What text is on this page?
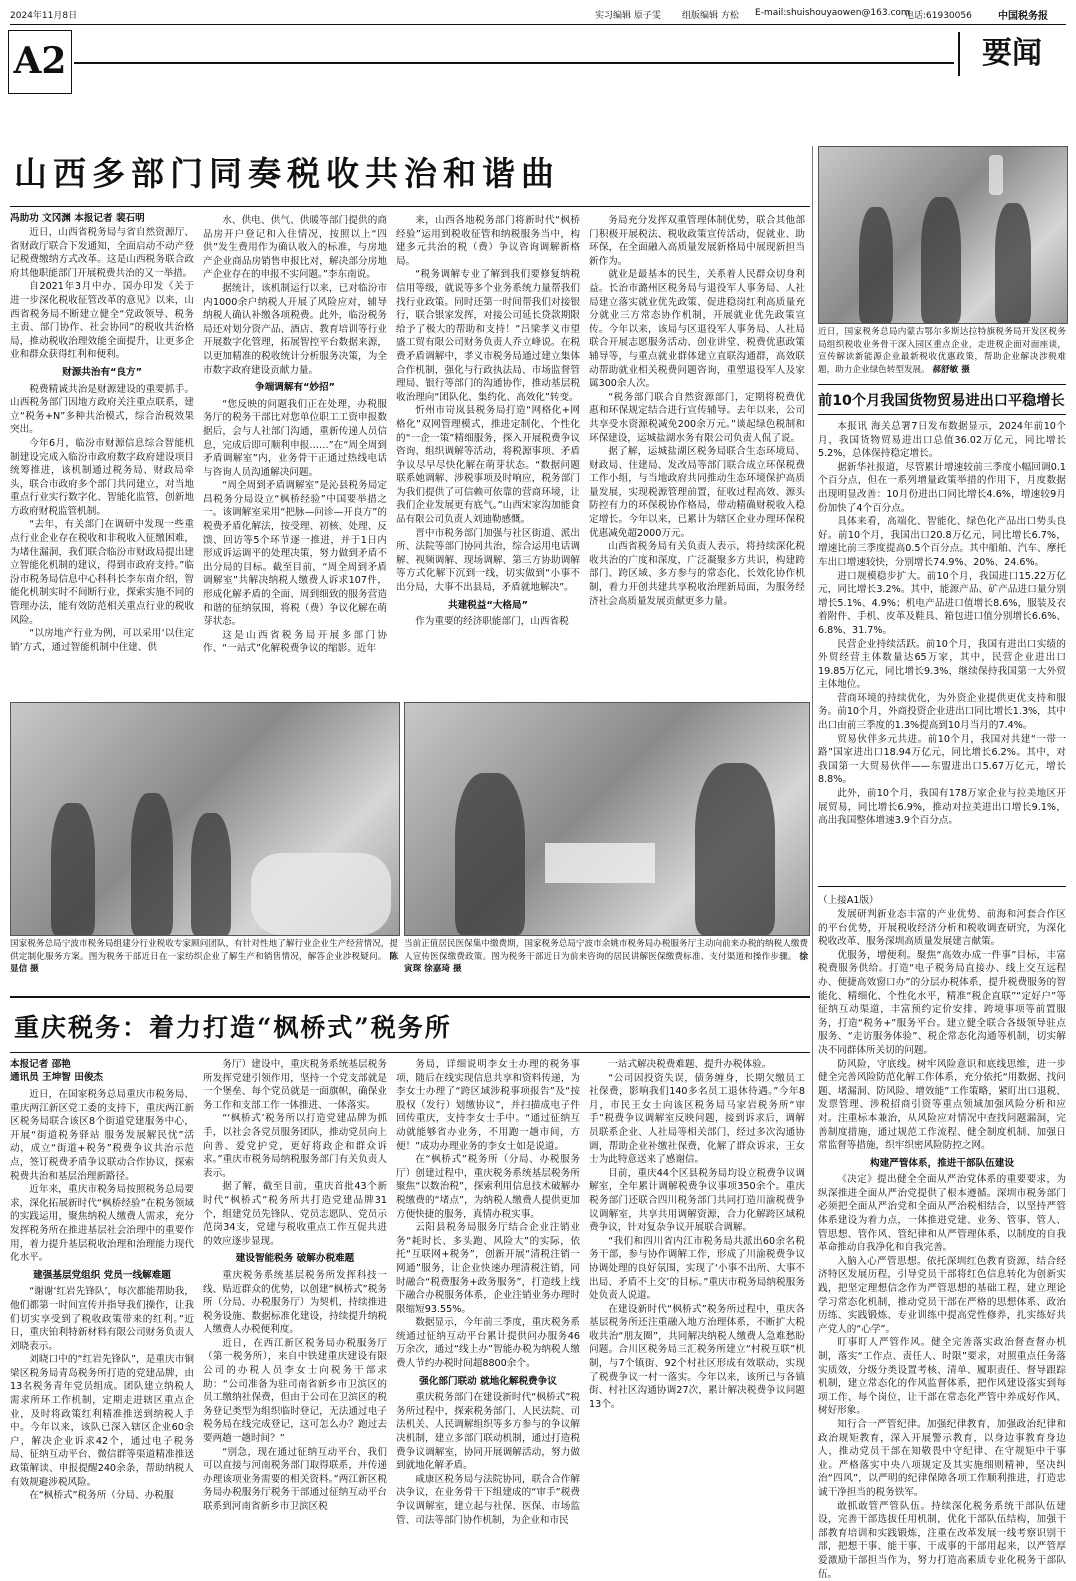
2024年11月8日	实习编辑 原子雯 组版编辑 方松 E-mail:shuishouyaowen@163.com
电话:61930056	中国税务报
A2	要闻
山西多部门同奏税收共治和谐曲
冯助功 文冈渊 本报记者 裴石明

近日，山西省税务局与省自然资源厅、省财政厅联合下发通知，全面启动不动产登记税费缴纳方式改革。这是山西税务联合政府其他职能部门开展税费共治的又一举措。

自2021年3月中办、国办印发《关于进一步深化税收征管改革的意见》以来，山西省税务局不断建立健全“党政领导、税务主责、部门协作、社会协同”的税收共治格局，推动税收治理效能全面提升，让更多企业和群众获得红利和便利。

财源共治有“良方”

税费精诚共治是财源建设的重要抓手。山西税务部门因地方政府关注重点联系，建立“税务+N”多种共治模式，综合治税效果突出。

今年6月，临汾市财源信息综合智能机制建设完成入临汾市政府数字政府建设项目统筹推进，该机制通过税务局、财政局牵头，联合市政府多个部门共同建立，对当地重点行业实行数字化、智能化监管，创新地方政府财税监管机制。

“去年，有关部门在调研中发现一些重点行业企业存在税收和非税收入征缴困难，为堵住漏洞，我们联合临汾市财政局提出建立智能化机制的建议，得到市政府支持。”临汾市税务局信息中心科科长李东南介绍，智能化机制实时不间断行业，探索实施不同的管理办法，能有效防范相关重点行业的税收风险。

“以房地产行业为例，可以采用‘以住定销’方式，通过智能机制中住建、供

水、供电、供气、供暖等部门提供的商品房开户登记和入住情况，按照以上“四供”发生费用作为确认收入的标准，与房地产企业商品房销售申报比对，解决部分房地产企业存在的申报不实问题。”李东南说。

据统计，该机制运行以来，已对临汾市内1000余户纳税人开展了风险应对，辅导纳税人确认补缴各项税费。此外，临汾税务局还对划分资产品、酒店、教育培训等行业开展数字化管理，拓展智控平台数据来源，以更加精准的税收统计分析服务决策，为全市数字政府建设贡献力量。

争端调解有“妙招”

“您反映的问题我们正在处理，办税服务厅的税务干部比对您单位职工工资申报数据后，会与人社部门沟通，重新传递人员信息，完成后即可顺利申报……”在“周全周到矛盾调解室”内，业务骨干正通过热线电话与咨询人员沟通解决问题。

“周全周到矛盾调解室”是沁县税务局定昌税务分局设立“枫桥经验”中国要举措之一。该调解室采用“把脉—问诊—开良方”的税费矛盾化解法，按受理、初核、处理、反馈、回访等5个环节逐一推进，并于1日内形成诉运调平的处理决策，努力做到矛盾不出分局的目标。截至目前，“周全周到矛盾调解室”共解决纳税人缴费人诉求107件，形成化解矛盾的全面、周到细致的服务营造和谐的征纳氛围，将税（费）争议化解在萌芽状态。

这是山西省税务局开展多部门协作、“一站式”化解税费争议的缩影。近年

来，山西各地税务部门将新时代“枫桥经验”运用到税收征管和纳税服务当中，构建多元共治的税（费）争议咨询调解新格局。

“税务调解专业了解到我们要修复纳税信用等级，就说等多个业务系统力量帮我们找行业政策。同时还第一时间帮我们对接银行，联合银家发挥，对接公司延长贷款期限给予了极大的帮助和支持！”吕梁孝义市望盛工贸有限公司财务负责人乔立峰说。在税费矛盾调解中，孝义市税务局通过建立集体合作机制，强化与行政执法局、市场监督管理局、银行等部门的沟通协作，推动基层税收治理向“团队化、集约化、高效化”转变。

忻州市岢岚县税务局打造“网格化+网格化”双网管理模式，推进定制化、个性化的“一企一策”精细服务，探入开展税费争议咨询、组织调解等活动，将税源事项、矛盾争议尽早尽快化解在萌芽状态。“数据问题联系她调解、涉税事项及时响应，税务部门为我们提供了可信赖可依靠的营商环境，让我们企业发展更有底气。”山西宋家沟加能食品有限公司负责人刘迪勒感慨。

晋中市税务部门加强与社区街道、派出所、法院等部门协同共治，综合运用电话调解、视频调解、现场调解、第三方协助调解等方式化解下沉到一线，切实做到“小事不出分局，大事不出县局，矛盾就地解决”。

共建税益“大格局”

作为重要的经济职能部门，山西省税

务局充分发挥双重管理体制优势，联合其他部门积极开展税法、税收政策宣传活动，促就业、助环保，在全面融入高质量发展新格局中展现新担当新作为。

就业是最基本的民生，关系着人民群众切身利益。长治市潞州区税务局与退役军人事务局、人社局建立落实就业优先政策、促进稳岗红利高质量充分就业三方常态协作机制，开展就业优先政策宣传。今年以来，该局与区退役军人事务局、人社局联合开展志愿服务活动、创业讲堂、税费优惠政策辅导等，与重点就业群体建立直联沟通群，高效联动帮助就业相关税费问题咨询，重塑退役军人及家属300余人次。

“税务部门联合自然资源部门，定期将税费优惠和环保规定结合进行宣传辅导。去年以来，公司共享受水资源税减免200余万元。”谈起绿色税制和环保建设，运城盐湖水务有限公司负责人侃了说。

据了解，运城盐湖区税务局联合生态环境局、财政局、住建局、发改局等部门联合成立环保税费工作小组，与当地政府共同推动生态环境保护高质量发展，实现税源管理前置，征收过程高效、源头防控有力的环保税协作格局，带动精确财税收入稳定增长。今年以来，已累计为辖区企业办理环保税优惠减免超2000万元。

山西省税务局有关负责人表示，将持续深化税收共治的广度和深度，广泛凝聚多方共识，构建跨部门、跨区域、多方参与的常态化、长效化协作机制，着力开创共建共享税收治理新局面，为服务经济社会高质量发展贡献更多力量。

近日，国家税务总局内蒙古鄂尔多斯达拉特旗税务局开发区税务局组织税收业务骨干深入园区重点企业，走进税企面对面座谈，宣传解读新能源企业最新税收优惠政策，帮助企业解决涉税难题，助力企业绿色转型发展。 郝舒敏 摄
前10个月我国货物贸易进出口平稳增长

本报讯 海关总署7日发布数据显示，2024年前10个月，我国货物贸易进出口总值36.02万亿元，同比增长5.2%，总体保持稳定增长。

据新华社报道，尽管累计增速较前三季度小幅回调0.1个百分点，但在一系列增量政策举措的作用下，月度数据出现明显改善：10月份进出口同比增长4.6%，增速较9月份加快了4个百分点。

具体来看，高端化、智能化、绿色化产品出口势头良好。前10个月，我国出口20.8万亿元，同比增长6.7%，增速比前三季度提高0.5个百分点。其中船舶、汽车、摩托车出口增速较快，分别增长74.9%、20%、24.6%。

进口规模稳步扩大。前10个月，我国进口15.22万亿元，同比增长3.2%。其中，能源产品、矿产品进口量分别增长5.1%、4.9%；机电产品进口值增长8.6%，服装及衣着附件、手机、皮革及鞋具、箱包进口值分别增长6.6%、6.8%、31.7%。

民营企业持续活跃。前10个月，我国有进出口实绩的外贸经营主体数量达65万家，其中，民营企业进出口19.85万亿元，同比增长9.3%，继续保持我国第一大外贸主体地位。

营商环境的持续优化，为外资企业提供更优支持和服务。前10个月，外商投资企业进出口同比增长1.3%，其中出口由前三季度的1.3%提高到10月当月的7.4%。

贸易伙伴多元共进。前10个月，我国对共建“一带一路”国家进出口18.94万亿元，同比增长6.2%。其中，对我国第一大贸易伙伴——东盟进出口5.67万亿元，增长8.8%。

此外，前10个月，我国有178万家企业与拉美地区开展贸易，同比增长6.9%，推动对拉美进出口增长9.1%，高出我国整体增速3.9个百分点。

国家税务总局宁波市税务局组建分行业税收专家顾问团队，有针对性地了解行业企业生产经营情况，提供定制化服务方案。图为税务干部近日在一家纺织企业了解生产和销售情况，解答企业涉税疑问。 陈显信 摄
当前正值居民医保集中缴费期，国家税务总局宁波市余姚市税务局办税服务厅主动向前来办税的纳税人缴费人宣传医保缴费政策。图为税务干部近日为前来咨询的居民讲解医保缴费标准、支付渠道和操作步骤。 徐寅琛 徐嘉琦 摄
（上接A1版）

发展研判新业态丰富的产业优势、前海和河套合作区的平台优势，开展税收经济分析和税收调查研究，为深化税收改革、服务深圳高质量发展建言献策。

优服务，增便利。聚焦“高效办成一件事”目标，丰富税费服务供给。打造“电子税务局直接办、线上交互远程办、便捷高效窗口办”的分层办税体系，提升税费服务的智能化、精细化、个性化水平，精准“税企直联”“定好户”等征纳互动渠道，丰富预约定价安排、跨境事项等前置服务，打造“税务+”服务平台。建立健全联合各级领导驻点服务、“走访服务体验”、税企常态化沟通等机制，切实解决不同群体所关切的问题。

防风险，守底线。树牢风险意识和底线思维，进一步健全完善风险防范化解工作体系，充分依托“用数据、找问题、堵漏洞、防风险、增效能”工作策略，紧盯出口退税、发票管理、涉税招商引资等重点领域加强风险分析和应对。注重标本兼治，从风险应对情况中查找问题漏洞，完善制度措施，通过规范工作流程、健全制度机制、加强日常监督等措施，织牢织密风险防控之网。

构建严管体系，推进干部队伍建设

《决定》提出健全全面从严治党体系的重要要求，为纵深推进全面从严治党提供了根本遵循。深圳市税务部门必须把全面从严治党和全面从严治税相结合，以坚持严管体系建设为着力点，一体推进党建、业务、管事、管人、管思想、管作风、管纪律和从严管理体系，以制度的自我革命推动自我净化和自我完善。

入脑入心严管思想。依托深圳红色教育资源，结合经济特区发展历程，引导党员干部将红色信息转化为创新实践，把坚定理想信念作为严管思想的基础工程，建立理论学习常态化机制，推动党员干部在严格的思想体系、政治历练、实践锻炼、专业训练中提高党性修养，扎实练好共产党人的“心学”。

盯事盯人严管作风。健全完善落实政治督查督办机制，落实“工作点、责任人、时限”要求，对照重点任务落实质效，分级分类设置考核、清单、履职责任、督导跟踪机制，建立常态化的作风监督体系，把作风建设落实到每项工作、每个岗位，让干部在常态化严管中养成好作风、树好形象。

知行合一严管纪律。加强纪律教育，加强政治纪律和政治规矩教育，深入开展警示教育，以身边事教育身边人，推动党员干部在知敬畏中守纪律、在守规矩中干事业。严格落实中央八项规定及其实施细则精神，坚决纠治“四风”，以严明的纪律保障各项工作顺利推进，打造忠诚干净担当的税务铁军。

敢抓敢管严管队伍。持续深化税务系统干部队伍建设，完善干部选拔任用机制，优化干部队伍结构，加强干部教育培训和实践锻炼，注重在改革发展一线考察识别干部，把想干事、能干事、干成事的干部用起来，以严管厚爱激励干部担当作为，努力打造高素质专业化税务干部队伍。

重庆税务：着力打造“枫桥式”税务所
本报记者 邵艳
通讯员 王坤智 田俊杰

近日，在国家税务总局重庆市税务局、重庆两江新区党工委的支持下，重庆两江新区税务局联合该区8个街道党建服务中心，开展“街道税务驿站 服务发展解民忧”活动，成立“街道+税务”税费争议共治示范点，签订税费矛盾争议联动合作协议，探索税费共治和基层治理新路径。

近年来，重庆市税务局按照税务总局要求，深化拓展新时代“枫桥经验”在税务领域的实践运用，聚焦纳税人缴费人需求，充分发挥税务所在推进基层社会治理中的重要作用，着力提升基层税收治理和治理能力现代化水平。

建强基层党组织 党员一线解难题

“谢谢‘红岩先锋队’，每次都能帮助我，他们都第一时间宣传并指导我们操作，让我们切实享受到了税收政策带来的红利。”近日，重庆铂利特新材料有限公司财务负责人刘晓表示。

刘晓口中的“红岩先锋队”，是重庆市铜梁区税务局青岛税务所打造的党建品牌，由13名税务青年党员组成。团队建立纳税人需求所环工作机制，定期走进辖区重点企业，及时将政策红利精准推送到纳税人手中。今年以来，该队已深入辖区企业60余户，解决企业诉求42个，通过电子税务局、征纳互动平台、微信群等渠道精准推送政策解读、申报提醒240余条，帮助纳税人有效规避涉税风险。

在“枫桥式”税务所（分局、办税服

务厅）建设中，重庆税务系统基层税务所发挥党建引领作用，坚持一个党支部就是一个堡垒、每个党员就是一面旗帜，确保业务工作和支部工作一体推进、一体落实。

“‘枫桥式’税务所以打造党建品牌为抓手，以社会各党员服务团队，推动党员向上向善、爱党护党，更好将政企和群众诉求。”重庆市税务局纳税服务部门有关负责人表示。

据了解，截至目前，重庆首批43个新时代“枫桥式”税务所共打造党建品牌31个，组建党员先锋队、党员志愿队、党员示范岗34支，党建与税收重点工作互促共进的效应逐步显现。

建设智能税务 破解办税难题

重庆税务系统基层税务所发挥科技一线、贴近群众的优势，以创建“枫桥式”税务所（分局、办税服务厅）为契机，持续推进税务设施、数据标准化建设，持续提升纳税人缴费人办税便利度。

近日，在西江新区税务局办税服务厅（第一税务所），来自中铁建重庆建设有限公司的办税人员李女士向税务干部求助：“公司准备为驻司南省新乡市卫滨区的员工缴纳社保费，但由于公司在卫滨区的税务登记类型为组织临时登记，无法通过电子税务局在线完成登记，这可怎么办？跑过去要两趟一趟时间？”

“别急，现在通过征纳互动平台，我们可以直接与河南税务部门取得联系，并传递办理该项业务需要的相关资料。”两江新区税务局办税服务厅税务干部通过征纳互动平台联系到河南省新乡市卫滨区税

务局，详细说明李女士办理的税务事项，随后在线实现信息共享和资料传递，为李女士办理了“跨区域涉税事项报告”及“按股权（发行）划缴协议”，并扫描成电子件回传重庆，支持李女士手中。“通过征纳互动就能够省办业务，不用跑一趟市间，方便！”成功办理业务的李女士如是说道。

在“枫桥式”税务所（分局、办税服务厅）创建过程中，重庆税务系统基层税务所聚焦“以数治税”，探索利用信息技术破解办税缴费的“堵点”，为纳税人缴费人提供更加方便快捷的服务，真情办税实事。

云阳县税务局服务厅结合企业注销业务“耗时长、多头跑、风险大”的实际，依托“互联网+税务”，创新开展“清税注销一网通”服务，让企业快速办理清税注销，同时融合“税费服务+政务服务”，打造线上线下融合办税服务体系，企业注销业务办理时限缩短93.55%。

数据显示，今年前三季度，重庆税务系统通过征纳互动平台累计提供问办服务46万余次，通过“线上办”智能办税为纳税人缴费人节约办税时间超8800余个。

强化部门联动 就地化解税费争议

重庆税务部门在建设新时代“枫桥式”税务所过程中，探索税务部门、人民法院、司法机关、人民调解组织等多方参与的争议解决机制，建立多部门联动机制，通过打造税费争议调解室，协同开展调解活动，努力做到就地化解矛盾。

咸康区税务局与法院协同，联合合作解决争议，在业务骨干下组建成的“审手”税费争议调解室，建立起与社保、医保、市场监管、司法等部门协作机制，为企业和市民

一站式解决税费难题、提升办税体验。

“公司因投资失误，债务缠身，长期欠缴员工社保费，影响我们140多名员工退休待遇。”今年8月，市民王女士向该区税务局马家岩税务所“审手”税费争议调解室反映问题，接到诉求后，调解员联系企业、人社局等相关部门，经过多次沟通协调，帮助企业补缴社保费，化解了群众诉求，王女士为此特意送来了感谢信。

目前，重庆44个区县税务局均设立税费争议调解室，全年累计调解税费争议事项350余个。重庆税务部门还联合四川税务部门共同打造川渝税费争议调解室，共享共用调解资源，合力化解跨区域税费争议，针对复杂争议开展联合调解。

“我们和四川省内江市税务局共派出60余名税务干部，参与协作调解工作，形成了川渝税费争议协调处理的良好氛围，实现了‘小事不出所、大事不出局、矛盾不上交’的目标。”重庆市税务局纳税服务处负责人说道。

在建设新时代“枫桥式”税务所过程中，重庆各基层税务所还注重融入地方治理体系，不断扩大税收共治“朋友圈”，共同解决纳税人缴费人急难愁盼问题。合川区税务局三汇税务所建立“村税互联”机制，与7个镇街、92个村社区形成有效联动，实现了税费争议一村一落实。今年以来，该所已与各镇街、村社区沟通协调27次，累计解决税费争议问题13个。
